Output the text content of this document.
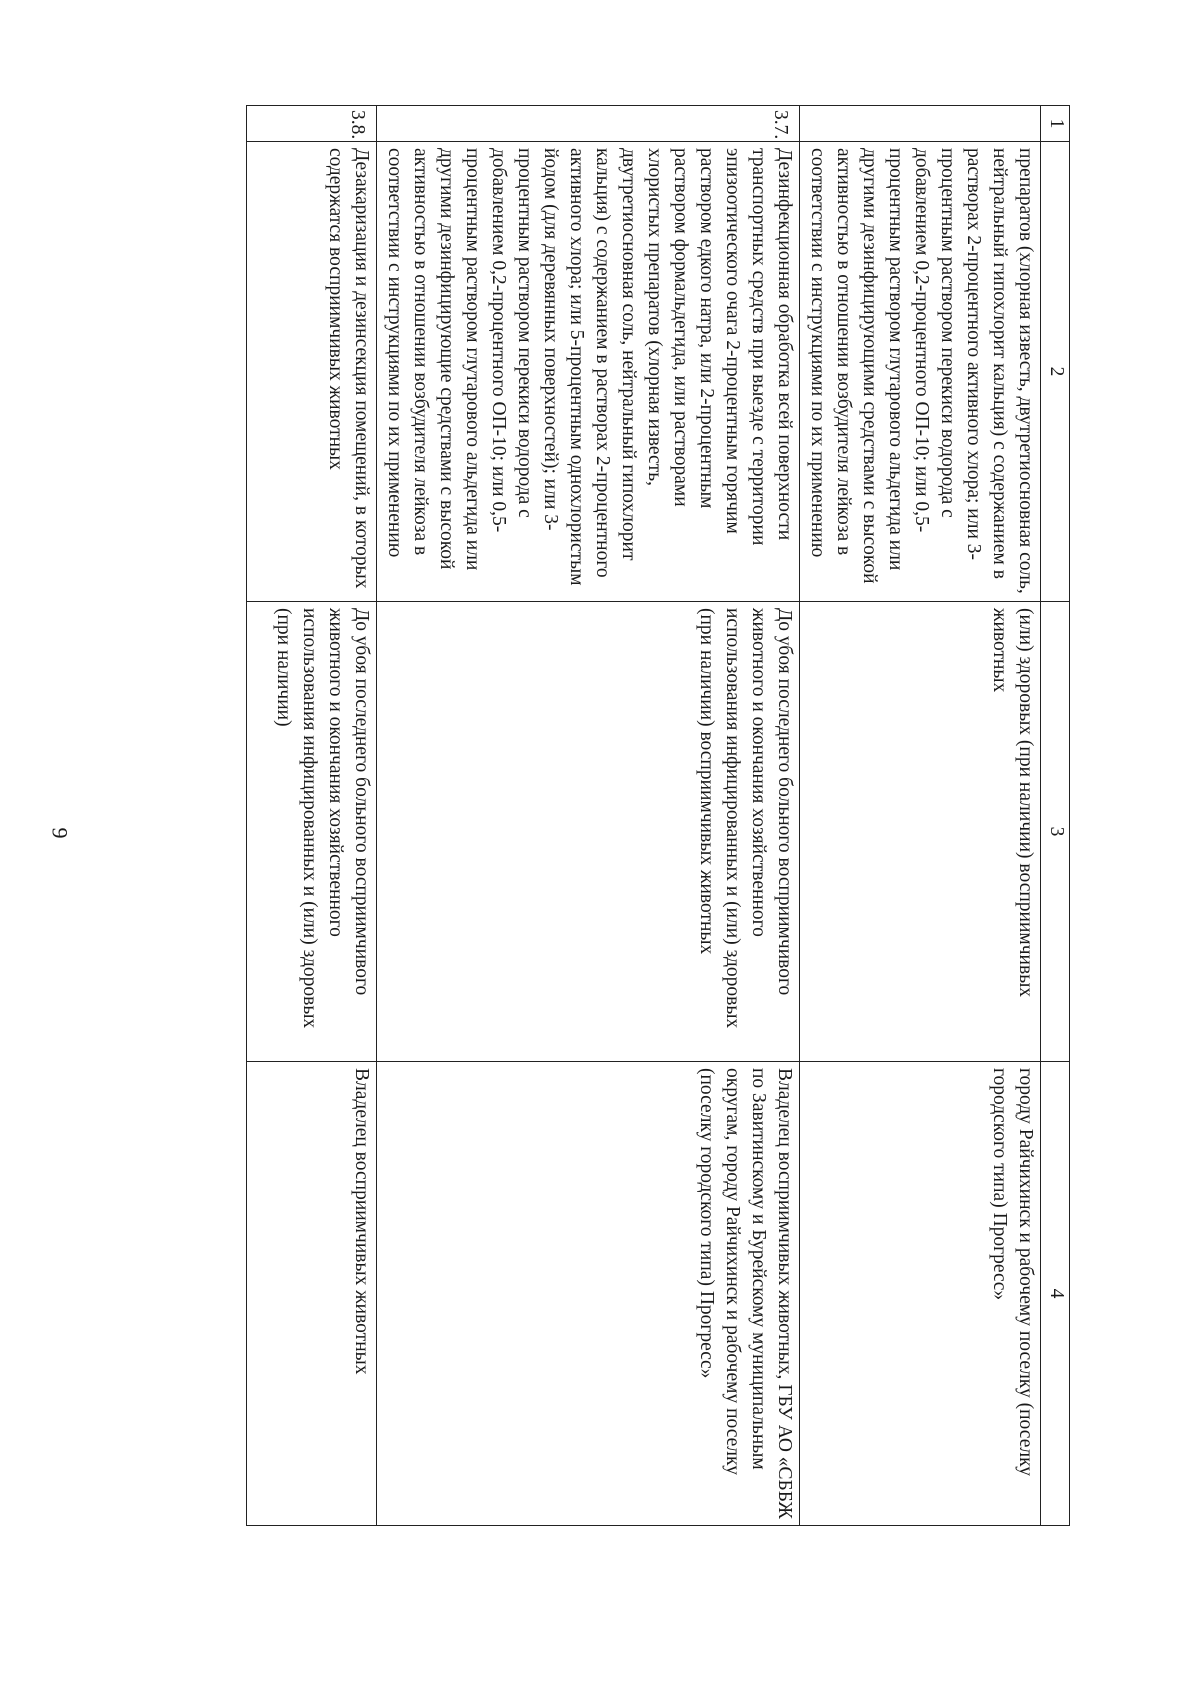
9
1	2	3	4
	препаратов (хлорная известь, двутретиосновная соль, нейтральный гипохлорит кальция) с содержанием в растворах 2-процентного активного хлора; или 3-процентным раствором перекиси водорода с добавлением 0,2-процентного ОП-10; или 0,5-процентным раствором глутарового альдегида или другими дезинфицирующими средствами с высокой активностью в отношении возбудителя лейкоза в соответствии с инструкциями по их применению	(или) здоровых (при наличии) восприимчивых животных	городу Райчихинск и рабочему поселку (поселку городского типа) Прогресс»
3.7.	Дезинфекционная обработка всей поверхности транспортных средств при выезде с территории эпизоотического очага 2-процентным горячим раствором едкого натра, или 2-процентным раствором формальдегида, или растворами хлористых препаратов (хлорная известь, двутретиосновная соль, нейтральный гипохлорит кальция) с содержанием в растворах 2-процентного активного хлора; или 5-процентным однохлористым йодом (для деревянных поверхностей); или 3-процентным раствором перекиси водорода с добавлением 0,2-процентного ОП-10; или 0,5-процентным раствором глутарового альдегида или другими дезинфицирующие средствами с высокой активностью в отношении возбудителя лейкоза в соответствии с инструкциями по их применению	До убоя последнего больного восприимчивого животного и окончания хозяйственного использования инфицированных и (или) здоровых (при наличии) восприимчивых животных	Владелец восприимчивых животных, ГБУ АО «СББЖ по Завитинскому и Бурейскому муниципальным округам, городу Райчихинск и рабочему поселку (поселку городского типа) Прогресс»
3.8.	Дезакаризация и дезинсекция помещений, в которых содержатся восприимчивых животных	До убоя последнего больного восприимчивого животного и окончания хозяйственного использования инфицированных и (или) здоровых (при наличии)	Владелец восприимчивых животных
